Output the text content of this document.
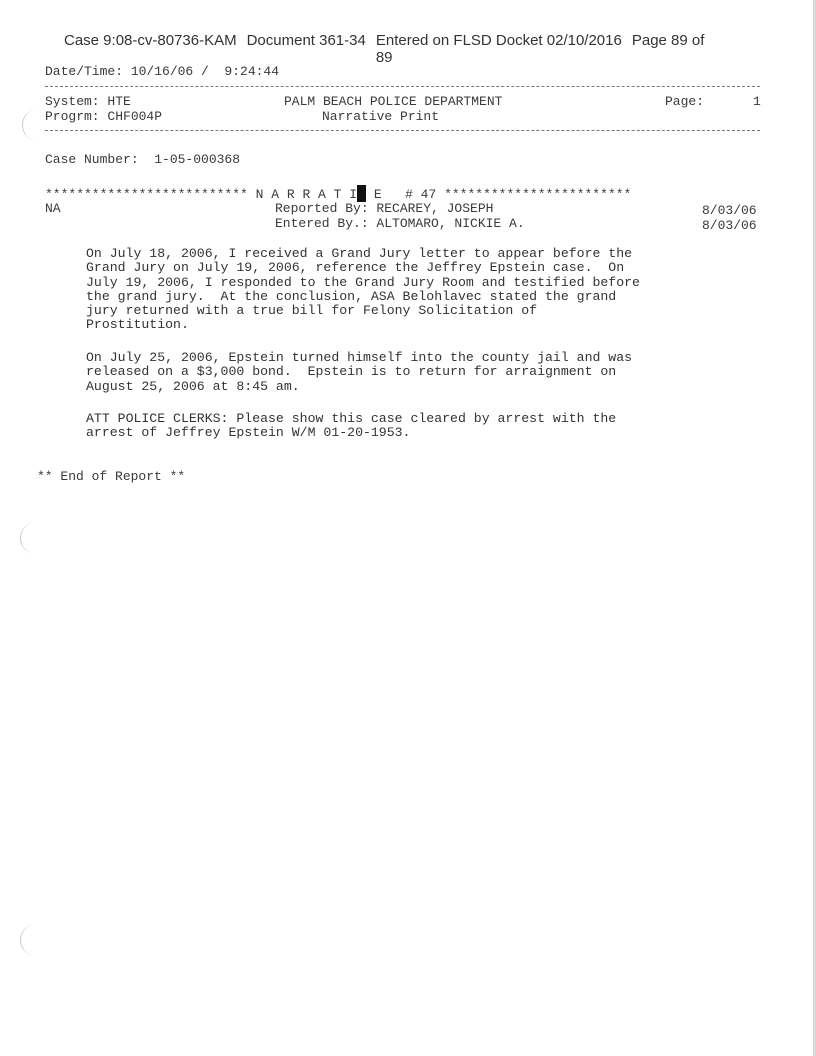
Case 9:08-cv-80736-KAM Document 361-34 Entered on FLSD Docket 02/10/2016
89
Page 89 of
Date/Time: 10/16/06 /  9:24:44
System: HTE
Progrm: CHF004P
PALM BEACH POLICE DEPARTMENT
Narrative Print
Page:	1
Case Number:  1-05-000368
************************** N A R R A T I E   # 47 ************************
NA	Reported By: RECAREY, JOSEPH
Entered By.: ALTOMARO, NICKIE A.
8/03/06
8/03/06
On July 18, 2006, I received a Grand Jury letter to appear before the
Grand Jury on July 19, 2006, reference the Jeffrey Epstein case.  On
July 19, 2006, I responded to the Grand Jury Room and testified before
the grand jury.  At the conclusion, ASA Belohlavec stated the grand
jury returned with a true bill for Felony Solicitation of
Prostitution.
On July 25, 2006, Epstein turned himself into the county jail and was
released on a $3,000 bond.  Epstein is to return for arraignment on
August 25, 2006 at 8:45 am.
ATT POLICE CLERKS: Please show this case cleared by arrest with the
arrest of Jeffrey Epstein W/M 01-20-1953.
** End of Report **
